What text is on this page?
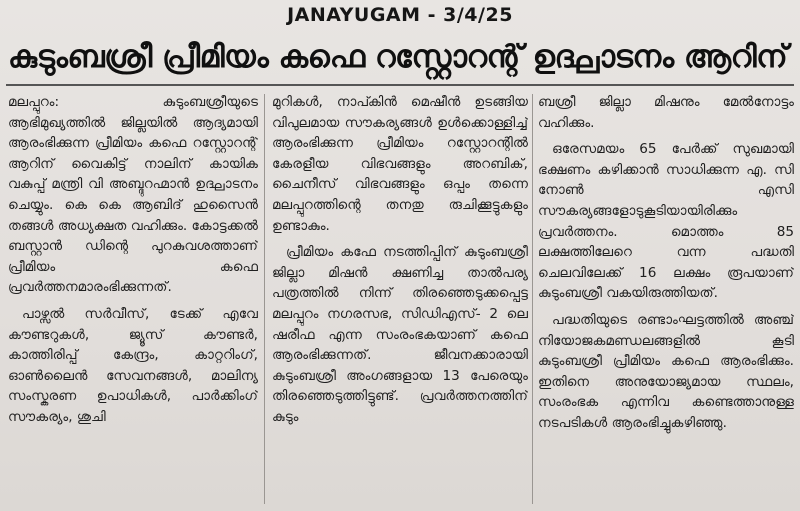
JANAYUGAM - 3/4/25
കുടുംബശ്രീ പ്രീമിയം കഫെ റസ്റ്റോറന്റ് ഉദ്ഘാടനം ആറിന്

മലപ്പുറം: കുടുംബശ്രീയുടെ ആഭിമുഖ്യത്തിൽ ജില്ലയിൽ ആദ്യമായി ആരംഭിക്കുന്ന പ്രീമിയം കഫെ റസ്റ്റോറന്റ് ആറിന് വൈകിട്ട് നാലിന് കായിക വകുപ്പ് മന്ത്രി വി അബ്ദുറഹ്മാൻ ഉദ്ഘാടനം ചെയ്യും. കെ കെ ആബിദ് ഹുസൈൻ തങ്ങൾ അധ്യക്ഷത വഹിക്കും. കോട്ടക്കൽ ബസ്റ്റാൻ ഡിന്റെ പുറകുവശത്താണ് പ്രീമിയം കഫെ പ്രവർത്തനമാരംഭിക്കുന്നത്.

പാഴ്സൽ സർവീസ്, ടേക്ക് എവേ കൗണ്ടറുകൾ, ജ്യൂസ് കൗണ്ടർ, കാത്തിരിപ്പ് കേന്ദ്രം, കാറ്ററിംഗ്, ഓൺലൈൻ സേവനങ്ങൾ, മാലിന്യ സംസ്കരണ ഉപാധികൾ, പാർക്കിംഗ് സൗകര്യം, ശുചി

മുറികൾ, നാപ്കിൻ മെഷീൻ ഉടങ്ങിയ വിപുലമായ സൗകര്യങ്ങൾ ഉൾക്കൊള്ളിച്ച് ആരംഭിക്കുന്ന പ്രീമിയം റസ്റ്റോറന്റിൽ കേരളീയ വിഭവങ്ങളും അറബിക്, ചൈനീസ് വിഭവങ്ങളും ഒപ്പം തന്നെ മലപ്പുറത്തിന്റെ തനതു രുചിക്കൂട്ടുകളും ഉണ്ടാകും.

പ്രീമിയം കഫേ നടത്തിപ്പിന് കുടുംബശ്രീ ജില്ലാ മിഷൻ ക്ഷണിച്ച താൽപര്യ പത്രത്തിൽ നിന്ന് തിരഞ്ഞെടുക്കപ്പെട്ട മലപ്പുറം നഗരസഭ, സിഡിഎസ്- 2 ലെ ഷരീഫ എന്ന സംരംഭകയാണ് കഫെ ആരംഭിക്കുന്നത്. ജീവനക്കാരായി കുടുംബശ്രീ അംഗങ്ങളായ 13 പേരെയും തിരഞ്ഞെടുത്തിട്ടുണ്ട്. പ്രവർത്തനത്തിന് കുടും

ബശ്രീ ജില്ലാ മിഷനും മേൽനോട്ടം വഹിക്കും.

ഒരേസമയം 65 പേർക്ക് സുഖമായി ഭക്ഷണം കഴിക്കാൻ സാധിക്കുന്ന എ. സി നോൺ എസി സൗകര്യങ്ങളോടുകൂടിയായിരിക്കും പ്രവർത്തനം. മൊത്തം 85 ലക്ഷത്തിലേറെ വന്ന പദ്ധതി ചെലവിലേക്ക് 16 ലക്ഷം രൂപയാണ് കുടുംബശ്രീ വകയിരുത്തിയത്.

പദ്ധതിയുടെ രണ്ടാംഘട്ടത്തിൽ അഞ്ച് നിയോജകമണ്ഡലങ്ങളിൽ കൂടി കുടുംബശ്രീ പ്രീമിയം കഫെ ആരംഭിക്കും. ഇതിനെ അനുയോജ്യമായ സ്ഥലം, സംരംഭക എന്നിവ കണ്ടെത്താനുള്ള നടപടികൾ ആരംഭിച്ചുകഴിഞ്ഞു.
